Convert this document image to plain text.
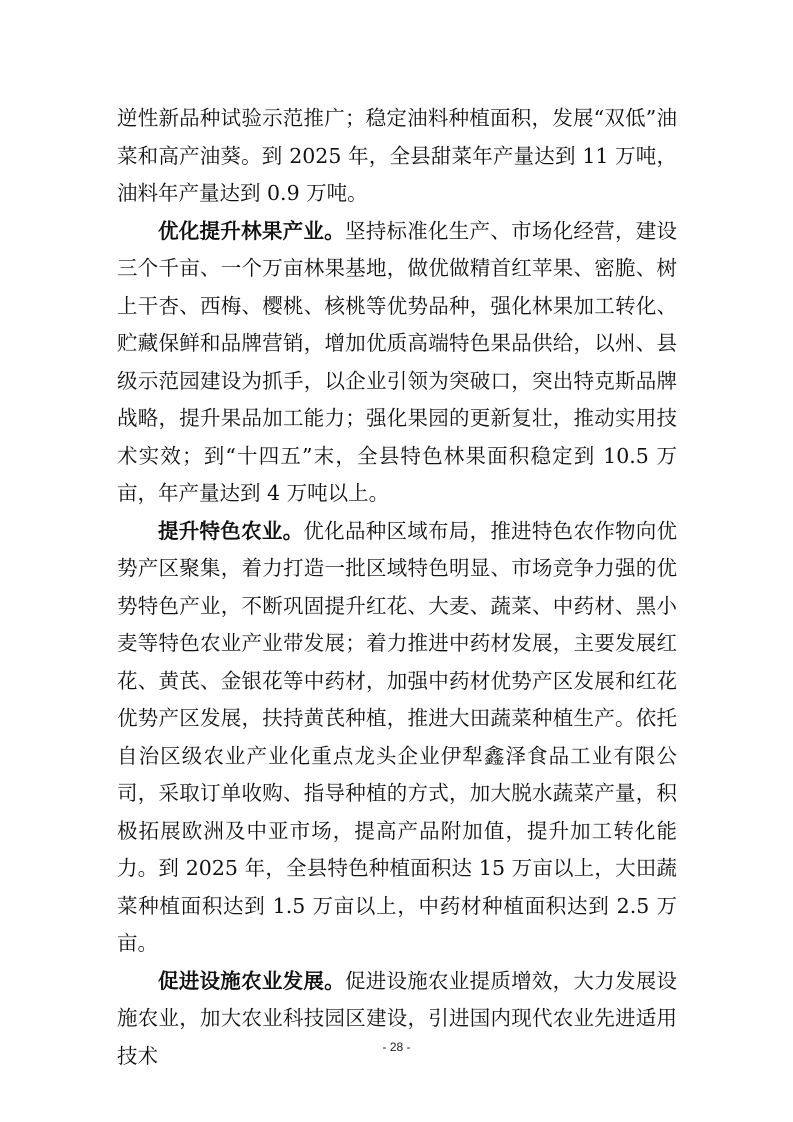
逆性新品种试验示范推广；稳定油料种植面积，发展“双低”油菜和高产油葵。到 2025 年，全县甜菜年产量达到 11 万吨，油料年产量达到 0.9 万吨。

优化提升林果产业。坚持标准化生产、市场化经营，建设三个千亩、一个万亩林果基地，做优做精首红苹果、密脆、树上干杏、西梅、樱桃、核桃等优势品种，强化林果加工转化、贮藏保鲜和品牌营销，增加优质高端特色果品供给，以州、县级示范园建设为抓手，以企业引领为突破口，突出特克斯品牌战略，提升果品加工能力；强化果园的更新复壮，推动实用技术实效；到“十四五”末，全县特色林果面积稳定到 10.5 万亩，年产量达到 4 万吨以上。

提升特色农业。优化品种区域布局，推进特色农作物向优势产区聚集，着力打造一批区域特色明显、市场竞争力强的优势特色产业，不断巩固提升红花、大麦、蔬菜、中药材、黑小麦等特色农业产业带发展；着力推进中药材发展，主要发展红花、黄芪、金银花等中药材，加强中药材优势产区发展和红花优势产区发展，扶持黄芪种植，推进大田蔬菜种植生产。依托自治区级农业产业化重点龙头企业伊犁鑫泽食品工业有限公司，采取订单收购、指导种植的方式，加大脱水蔬菜产量，积极拓展欧洲及中亚市场，提高产品附加值，提升加工转化能力。到 2025 年，全县特色种植面积达 15 万亩以上，大田蔬菜种植面积达到 1.5 万亩以上，中药材种植面积达到 2.5 万亩。

促进设施农业发展。促进设施农业提质增效，大力发展设施农业，加大农业科技园区建设，引进国内现代农业先进适用技术	- 28 -
